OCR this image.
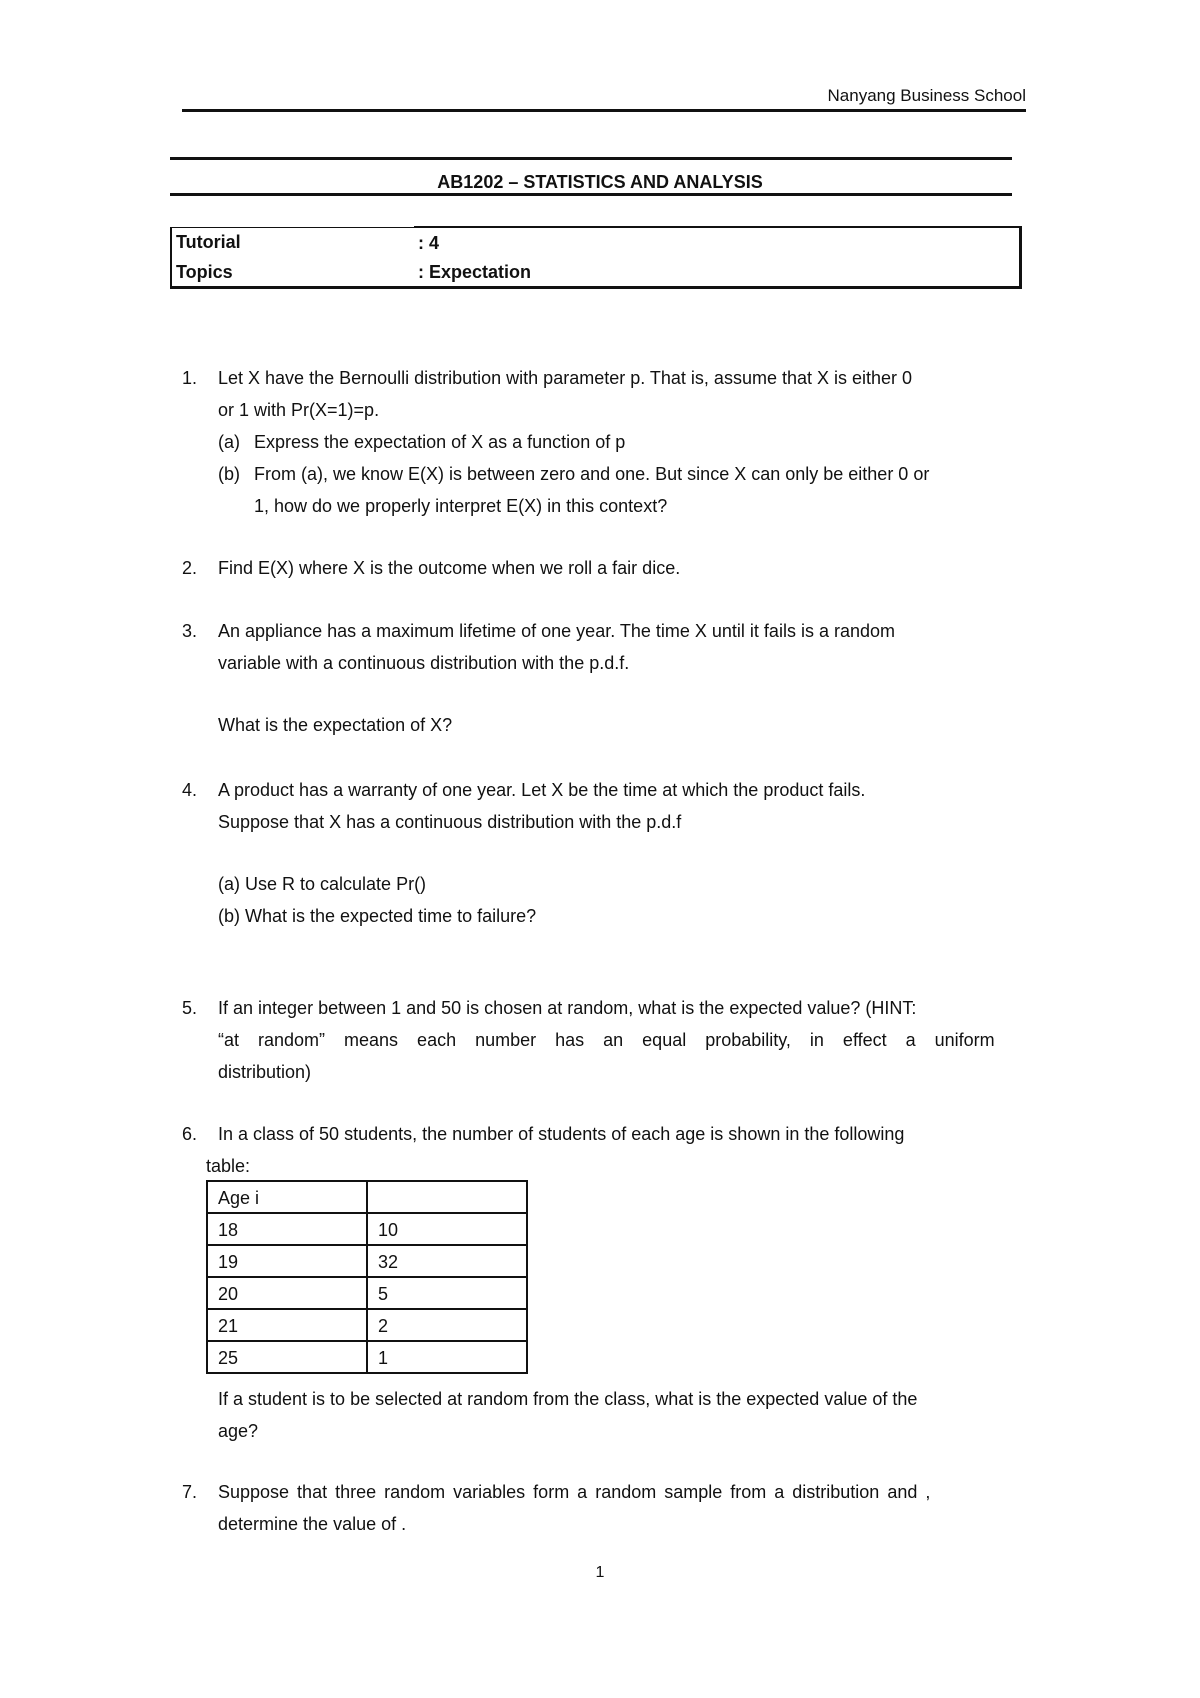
Nanyang Business School
AB1202 – STATISTICS AND ANALYSIS
Tutorial	: 4
Topics	: Expectation
1. Let X have the Bernoulli distribution with parameter p. That is, assume that X is either 0
or 1 with Pr(X=1)=p.
(a) Express the expectation of X as a function of p
(b) From (a), we know E(X) is between zero and one. But since X can only be either 0 or
1, how do we properly interpret E(X) in this context?
2. Find E(X) where X is the outcome when we roll a fair dice.
3. An appliance has a maximum lifetime of one year. The time X until it fails is a random
variable with a continuous distribution with the p.d.f.
What is the expectation of X?
4. A product has a warranty of one year. Let X be the time at which the product fails.
Suppose that X has a continuous distribution with the p.d.f
(a) Use R to calculate Pr()
(b) What is the expected time to failure?
5. If an integer between 1 and 50 is chosen at random, what is the expected value? (HINT:
“at random” means each number has an equal probability, in effect a uniform
distribution)
6. In a class of 50 students, the number of students of each age is shown in the following
table:
Age i	
18	10
19	32
20	5
21	2
25	1
If a student is to be selected at random from the class, what is the expected value of the
age?
7. Suppose that three random variables form a random sample from a distribution and ,
determine the value of .
1
